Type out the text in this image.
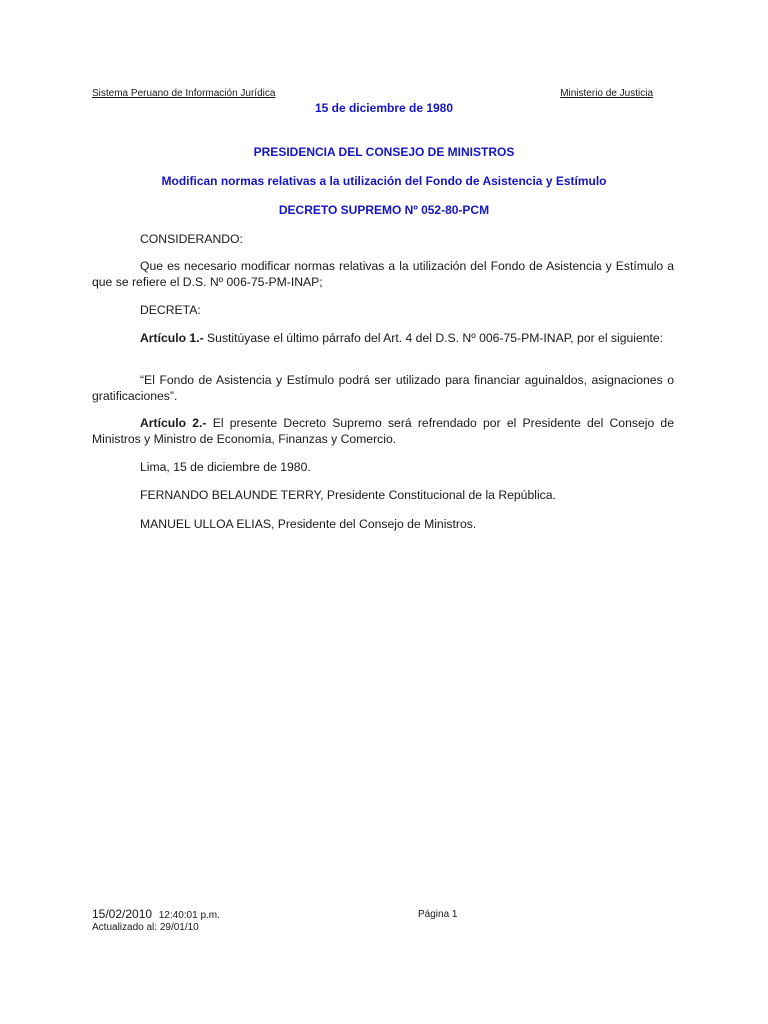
Sistema Peruano de Información Jurídica	Ministerio de Justicia
15 de diciembre de 1980
PRESIDENCIA DEL CONSEJO DE MINISTROS
Modifican normas relativas a la utilización del Fondo de Asistencia y Estímulo
DECRETO SUPREMO Nº 052-80-PCM
CONSIDERANDO:
Que es necesario modificar normas relativas a la utilización del Fondo de Asistencia y Estímulo a que se refiere el D.S. Nº 006-75-PM-INAP;
DECRETA:
Artículo 1.- Sustitúyase el último párrafo del Art. 4 del D.S. Nº 006-75-PM-INAP, por el siguiente:
“El Fondo de Asistencia y Estímulo podrá ser utilizado para financiar aguinaldos, asignaciones o gratificaciones”.
Artículo 2.- El presente Decreto Supremo será refrendado por el Presidente del Consejo de Ministros y Ministro de Economía, Finanzas y Comercio.
Lima, 15 de diciembre de 1980.
FERNANDO BELAUNDE TERRY, Presidente Constitucional de la República.
MANUEL ULLOA ELIAS, Presidente del Consejo de Ministros.
15/02/2010 12:40:01 p.m.	Página 1
Actualizado al: 29/01/10
